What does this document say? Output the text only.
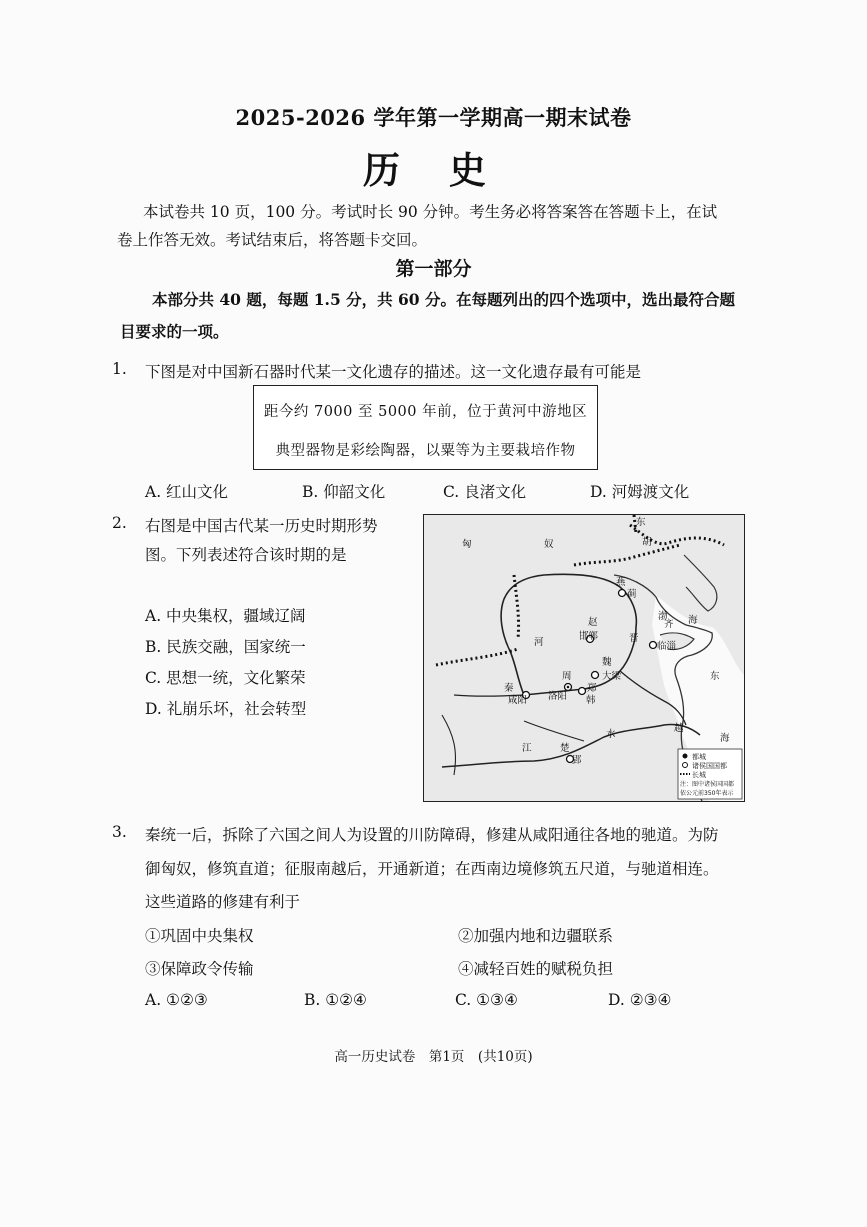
2025-2026 学年第一学期高一期末试卷
历 史
本试卷共 10 页，100 分。考试时长 90 分钟。考生务必将答案答在答题卡上，在试
卷上作答无效。考试结束后，将答题卡交回。
第一部分
本部分共 40 题，每题 1.5 分，共 60 分。在每题列出的四个选项中，选出最符合题
目要求的一项。
1. 下图是对中国新石器时代某一文化遗存的描述。这一文化遗存最有可能是
距今约 7000 至 5000 年前，位于黄河中游地区
典型器物是彩绘陶器，以粟等为主要栽培作物
A. 红山文化	B. 仰韶文化	C. 良渚文化	D. 河姆渡文化
2. 右图是中国古代某一历史时期形势
图。下列表述符合该时期的是
A. 中央集权，疆域辽阔
B. 民族交融，国家统一
C. 思想一统，文化繁荣
D. 礼崩乐坏，社会转型
匈	奴
东
胡
燕
蓟
赵
邯郸	晋
齐
临淄
魏
大梁
周
洛阳
咸阳
秦
韩
郑
楚
郢
越
渤 海
东
海
河
江
水
都城
诸侯国国都
长城
注：图中诸侯国国都
依公元前350年表示
3. 秦统一后，拆除了六国之间人为设置的川防障碍，修建从咸阳通往各地的驰道。为防
御匈奴，修筑直道；征服南越后，开通新道；在西南边境修筑五尺道，与驰道相连。
这些道路的修建有利于
①巩固中央集权	②加强内地和边疆联系
③保障政令传输	④减轻百姓的赋税负担
A. ①②③	B. ①②④	C. ①③④	D. ②③④
高一历史试卷　第1页　(共10页)
